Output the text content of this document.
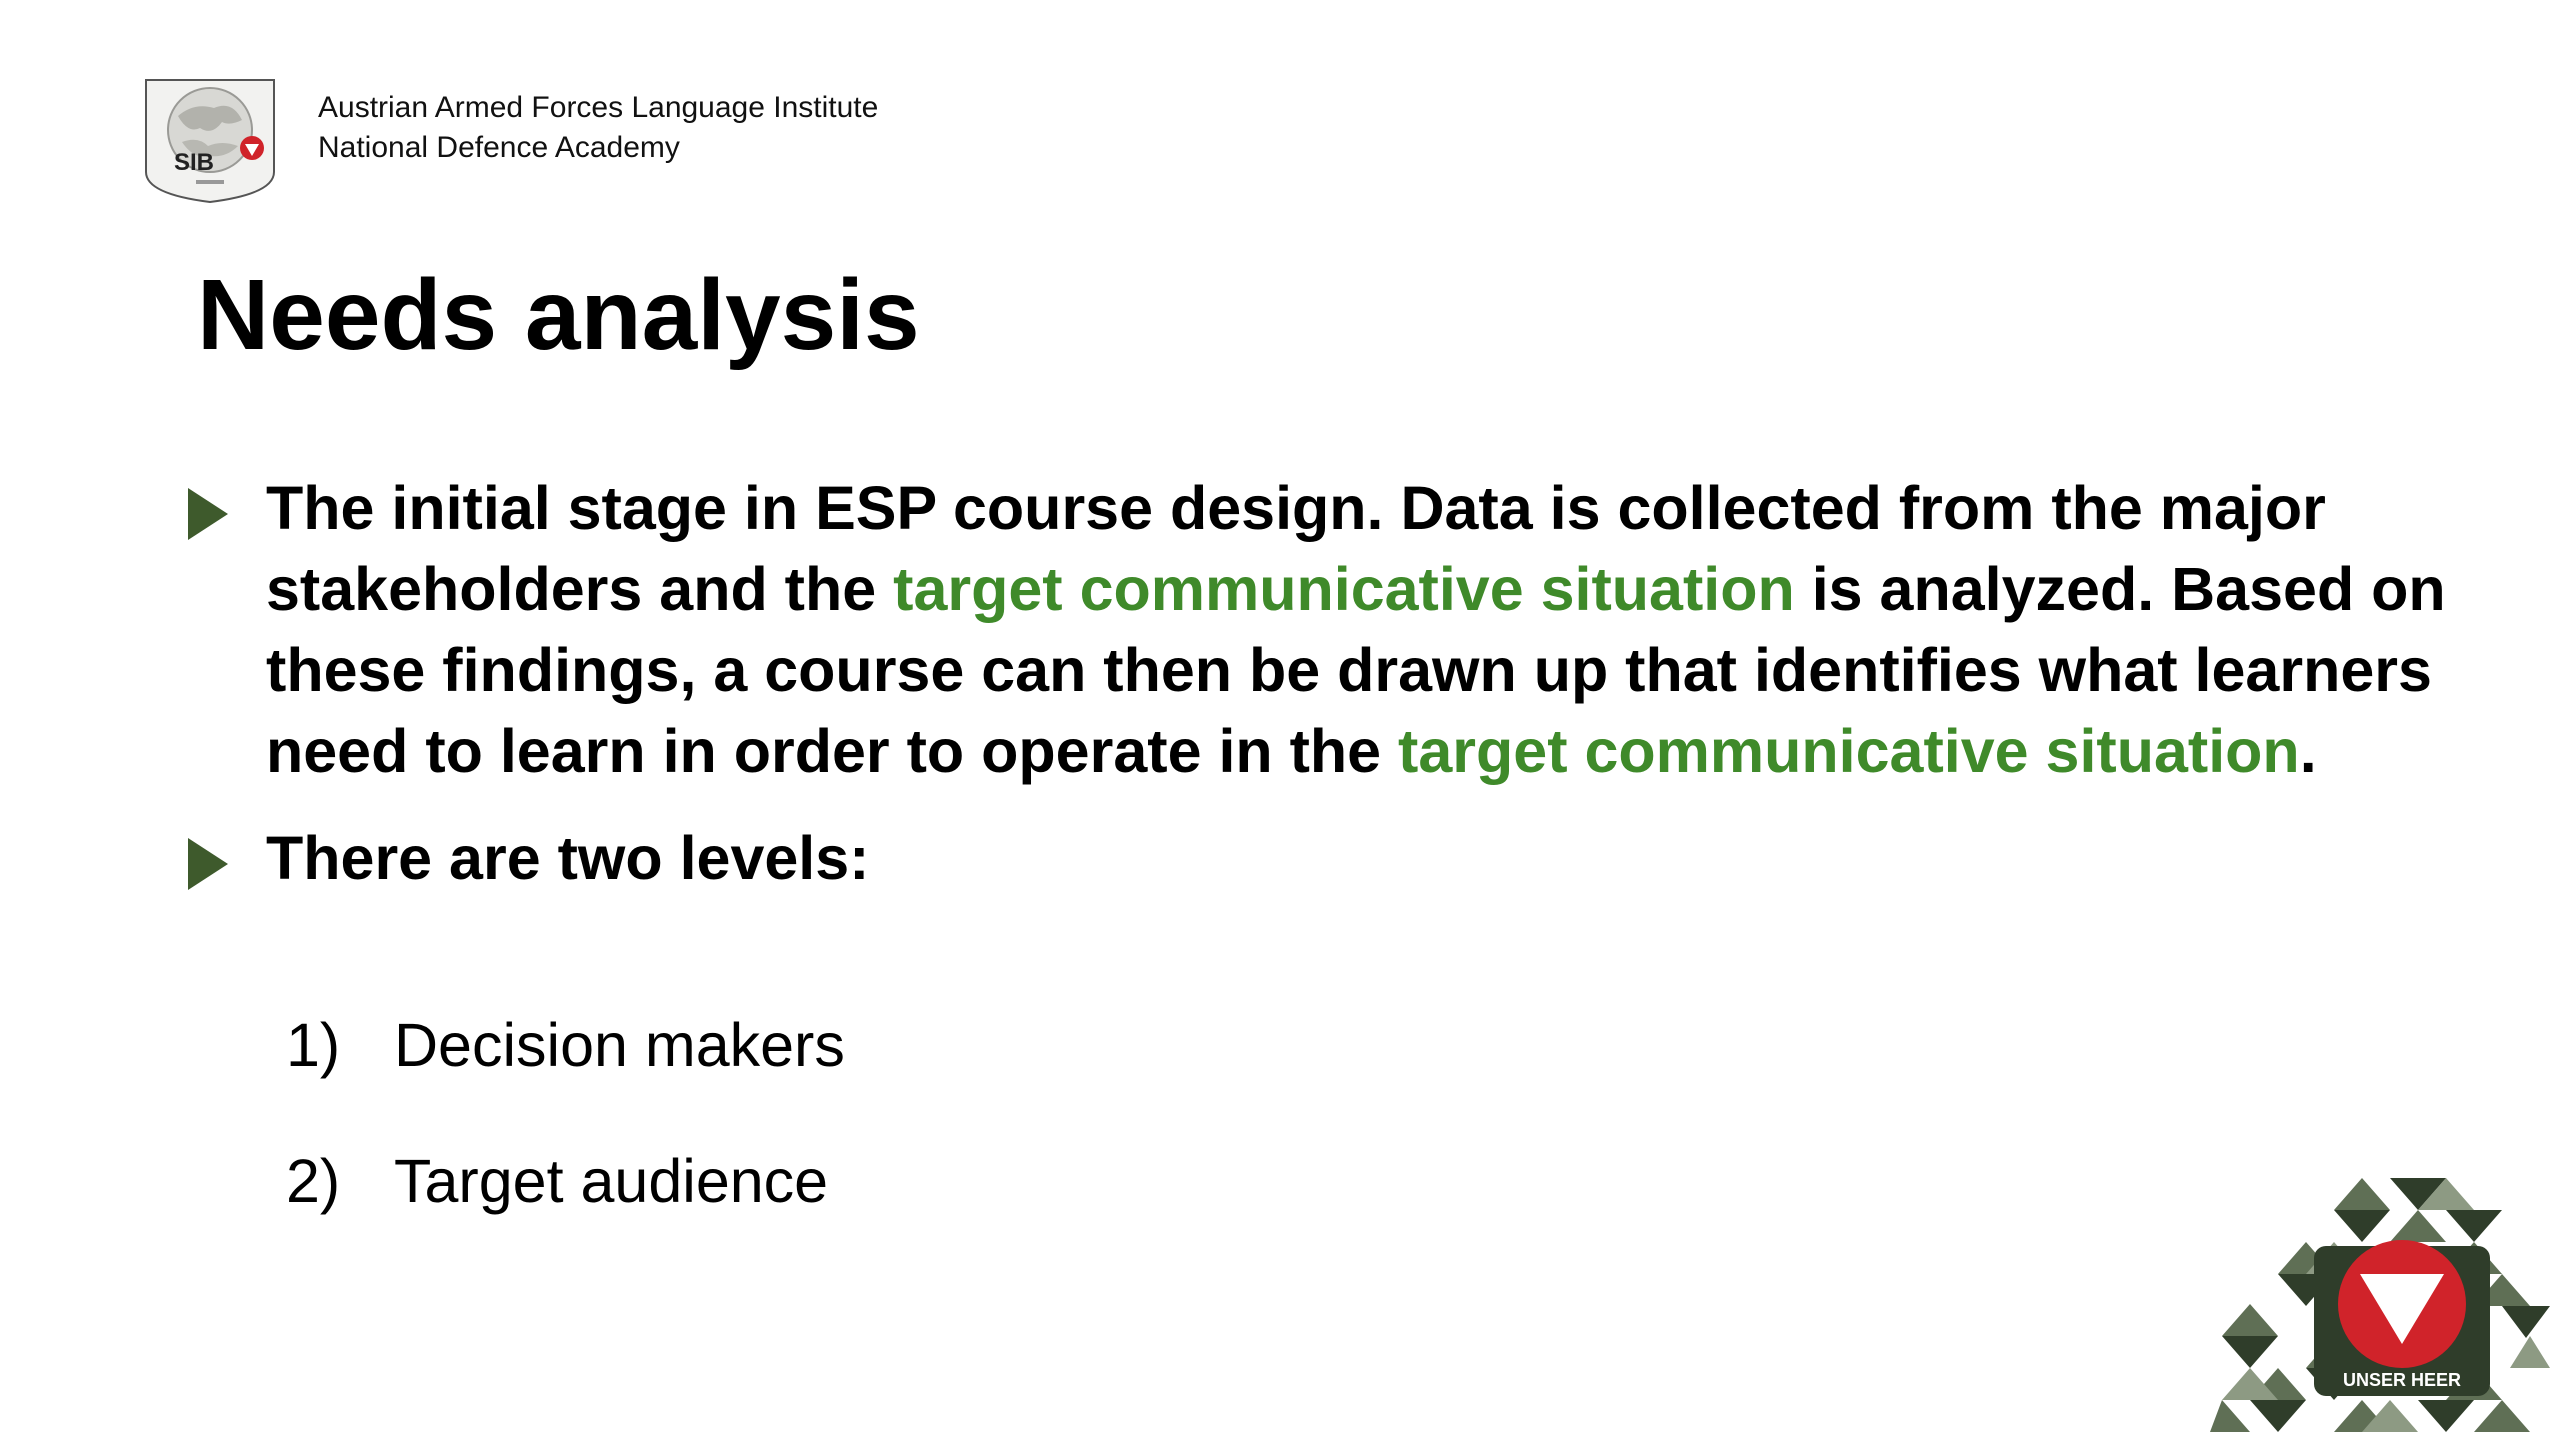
SIB
Austrian Armed Forces Language Institute
National Defence Academy
Needs analysis
The initial stage in ESP course design. Data is collected from the major stakeholders and the target communicative situation is analyzed. Based on these findings, a course can then be drawn up that identifies what learners need to learn in order to operate in the target communicative situation.
There are two levels:
1) Decision makers
2) Target audience
UNSER HEER
